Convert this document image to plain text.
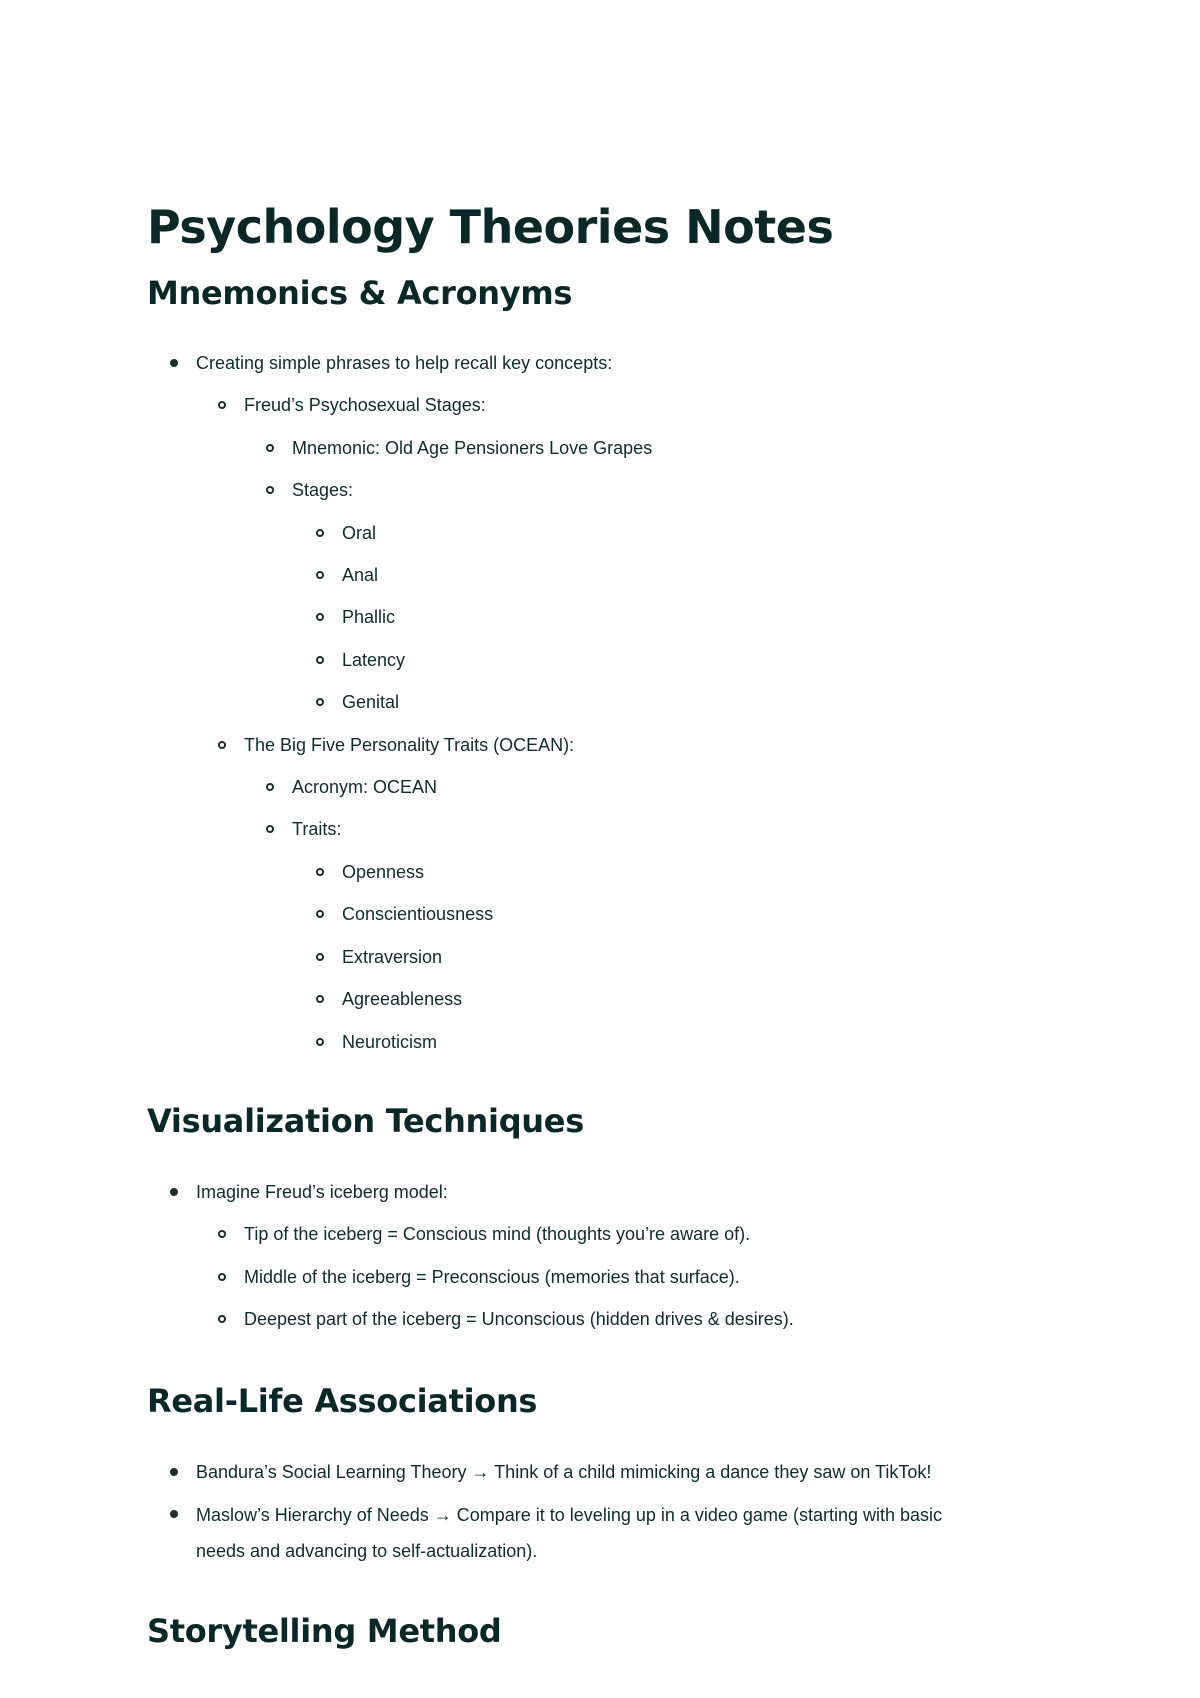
Psychology Theories Notes
Mnemonics & Acronyms
Creating simple phrases to help recall key concepts:
Freud’s Psychosexual Stages:
Mnemonic: Old Age Pensioners Love Grapes
Stages:
Oral
Anal
Phallic
Latency
Genital
The Big Five Personality Traits (OCEAN):
Acronym: OCEAN
Traits:
Openness
Conscientiousness
Extraversion
Agreeableness
Neuroticism
Visualization Techniques
Imagine Freud’s iceberg model:
Tip of the iceberg = Conscious mind (thoughts you’re aware of).
Middle of the iceberg = Preconscious (memories that surface).
Deepest part of the iceberg = Unconscious (hidden drives & desires).
Real-Life Associations
Bandura’s Social Learning Theory → Think of a child mimicking a dance they saw on TikTok!
Maslow’s Hierarchy of Needs → Compare it to leveling up in a video game (starting with basic needs and advancing to self-actualization).
Storytelling Method
